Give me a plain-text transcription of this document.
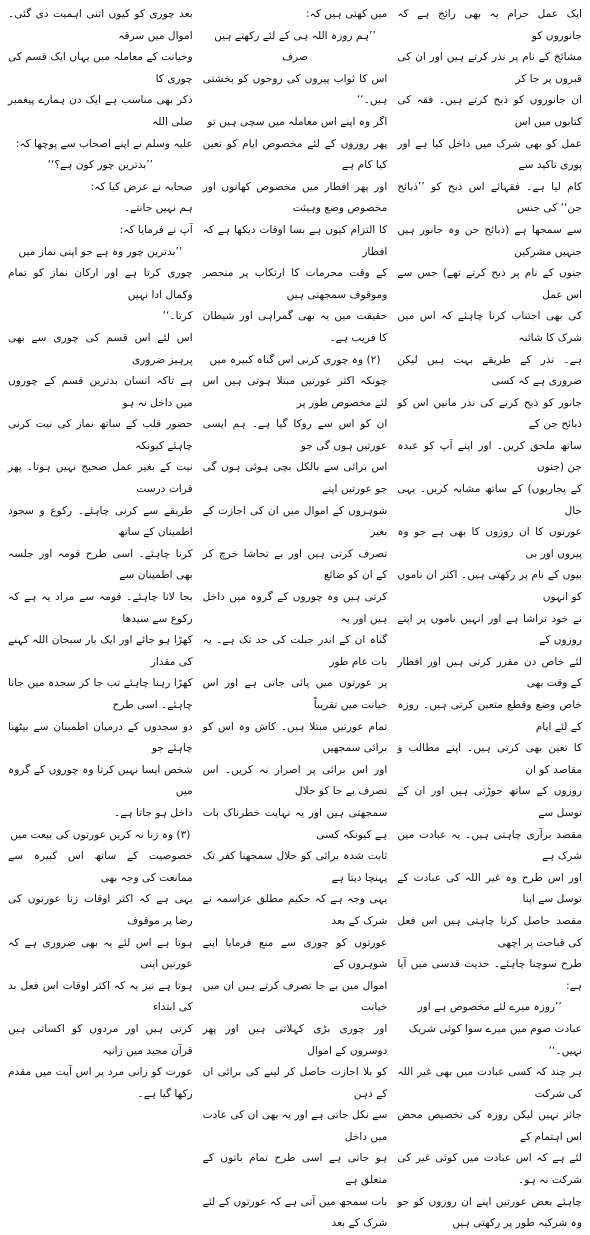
ایک عمل حرام یہ بھی رائج ہے کہ جانوروں کو

مشائخ کے نام پر نذر کرتے ہیں اور ان کی قبروں پر جا کر

ان جانوروں کو ذبح کرتے ہیں۔ فقہ کی کتابوں میں اس

عمل کو بھی شرک میں داخل کیا ہے اور پوری تاکید سے

کام لیا ہے۔ فقہائے اس ذبح کو ’’ذبائح جن‘‘ کی جنس

سے سمجھا ہے (ذبائح جن وہ جانور ہیں جنہیں مشرکین

جنوں کے نام پر ذبح کرتے تھے) جس سے اس عمل

کی بھی اجتناب کرنا چاہئے کہ اس میں شرک کا شائبہ

ہے۔ نذر کے طریقے بہت ہیں لیکن ضروری ہے کہ کسی

جانور کو ذبح کرنے کی نذر مانیں اس کو ذبائح جن کے

ساتھ ملحق کریں۔ اور اپنے آپ کو عبدہ جن (جنوں

کے پجاریوں) کے ساتھ مشابہ کریں۔ یہی حال

عورتوں کا ان روزوں کا بھی ہے جو وہ پیروں اور بی

بیوں کے نام پر رکھتی ہیں۔ اکثر ان ناموں کو انہوں

نے خود تراشا ہے اور انہیں ناموں پر اپنے روزوں کے

لئے خاص دن مقرر کرتی ہیں اور افطار کے وقت بھی

خاص وضع وقطع متعین کرتی ہیں۔ روزہ کے لئے ایام

کا تعین بھی کرتی ہیں۔ اپنے مطالب و مقاصد کو ان

روزوں کے ساتھ جوڑتی ہیں اور ان کے توسل سے

مقصد برآری چاہتی ہیں۔ یہ عبادت میں شرک ہے

اور اس طرح وہ غیر اللہ کی عبادت کے توسل سے اپنا

مقصد حاصل کرنا چاہتی ہیں اس فعل کی قباحت پر اچھی

طرح سوچنا چاہئے۔ حدیث قدسی میں آیا ہے:

’’روزہ میرے لئے مخصوص ہے اور

عبادت صوم میں میرے سوا کوئی شریک

نہیں۔‘‘

ہر چند کہ کسی عبادت میں بھی غیر اللہ کی شرکت

جائز نہیں لیکن روزہ کی تخصیص محض اس اہتمام کے

لئے ہے کہ اس عبادت میں کوئی غیر کی شرکت نہ ہو۔

چاہئے بعض عورتیں اپنے ان روزوں کو جو وہ شرکیہ طور پر رکھتی ہیں

میں کھتی ہیں کہ:

’’ہم روزہ اللہ ہی کے لئے رکھتے ہیں صرف

اس کا ثواب پیروں کی روحوں کو بخشتی ہیں۔‘‘

اگر وہ اپنے اس معاملہ میں سچی ہیں تو

پھر روزوں کے لئے مخصوص ایام کو تعین کیا کام ہے

اور پھر افطار میں مخصوص کھانوں اور مخصوص وضع وہیئت

کا التزام کیوں ہے بسا اوقات دیکھا ہے کہ افطار

کے وقت محرمات کا ارتکاب پر منحصر وموقوف سمجھتی ہیں

حقیقت میں یہ بھی گمراہی اور شیطان کا فریب ہے۔

(۲) وہ چوری کرنی اس گناہ کبیرہ میں

چونکہ اکثر عورتیں مبتلا ہوتی ہیں اس لئے مخصوص طور پر

ان کو اس سے روکا گیا ہے۔ ہم ایسی عورتیں ہوں گی جو

اس برائی سے بالکل بچی ہوئی ہوں گی جو عورتیں اپنے

شوہروں کے اموال میں ان کی اجازت کے بغیر

تصرف کرتی ہیں اور بے تحاشا خرچ کر کے ان کو ضائع

کرتی ہیں وہ چوروں کے گروہ میں داخل ہیں اور یہ

گناہ ان کے اندر جبلت کی حد تک ہے۔ یہ بات عام طور

پر عورتوں میں پائی جاتی ہے اور اس خیانت میں تقریباً

تمام عورتیں مبتلا ہیں۔ کاش وہ اس کو برائی سمجھیں

اور اس برائی پر اصرار نہ کریں۔ اس تصرف بے جا کو حلال

سمجھتی ہیں اور یہ نہایت خطرناک بات ہے کیونکہ کسی

ثابت شدہ برائی کو حلال سمجھنا کفر تک پہنچا دیتا ہے

یہی وجہ ہے کہ حکیم مطلق عزاسمہ نے شرک کے بعد

عورتوں کو چوری سے منع فرمایا اپنے شوہروں کے

اموال میں بے جا تصرف کرتے ہیں ان میں خیانت

اور چوری بڑی کہلاتی ہیں اور پھر دوسروں کے اموال

کو بلا اجازت حاصل کر لینے کی برائی ان کے ذہن

سے نکل جاتی ہے اور یہ بھی ان کی عادت میں داخل

ہو جاتی ہے اسی طرح تمام باتوں کے متعلق ہے

بات سمجھ میں آتی ہے کہ عورتوں کے لئے شرک کے بعد

بعد چوری کو کیوں اتنی اہمیت دی گئی۔ اموال میں سرقہ

وخیانت کے معاملہ میں یہاں ایک قسم کی چوری کا

ذکر بھی مناسب ہے ایک دن ہمارے پیغمبر صلی اللہ

علیہ وسلم نے اپنے اصحاب سے پوچھا کہ:

’’بدترین چور کون ہے؟‘‘

صحابہ نے عرض کیا کہ:

ہم نہیں جانتے۔

آپ نے فرمایا کہ:

’’بدترین چور وہ ہے جو اپنی نماز میں

چوری کرتا ہے اور ارکان نماز کو تمام وکمال ادا نہیں

کرتا۔‘‘

اس لئے اس قسم کی چوری سے بھی پرہیز ضروری

ہے تاکہ انسان بدترین قسم کے چوروں میں داخل نہ ہو

حضور قلب کے ساتھ نماز کی نیت کرنی چاہئے کیونکہ

نیت کے بغیر عمل صحیح نہیں ہوتا۔ پھر قرات درست

طریقے سے کرنی چاہئے۔ رکوع و سجود اطمینان کے ساتھ

کرنا چاہئے۔ اسی طرح قومہ اور جلسہ بھی اطمینان سے

بجا لانا چاہئے۔ قومہ سے مراد یہ ہے کہ رکوع سے سیدھا

کھڑا ہو جائے اور ایک بار سبحان اللہ کہنے کی مقدار

کھڑا رہنا چاہئے تب جا کر سجدہ میں جانا چاہئے۔ اسی طرح

دو سجدوں کے درمیان اطمینان سے بیٹھنا چاہئے جو

شخص ایسا نہیں کرتا وہ چوروں کے گروہ میں

داخل ہو جاتا ہے۔

(۳) وہ زنا نہ کریں عورتوں کی بیعت میں

خصوصیت کے ساتھ اس کبیرہ سے ممانعت کی وجہ بھی

یہی ہے کہ اکثر اوقات زنا عورتوں کی رضا پر موقوف

ہوتا ہے اس لئے یہ بھی ضروری ہے کہ عورتیں اپنی

ہوتا ہے نیز یہ کہ اکثر اوقات اس فعل بد کی ابتداء

کرتی ہیں اور مردوں کو اکساتی ہیں قرآن مجید میں زانیہ

عورت کو زانی مرد پر اس آیت میں مقدم رکھا گیا ہے۔
